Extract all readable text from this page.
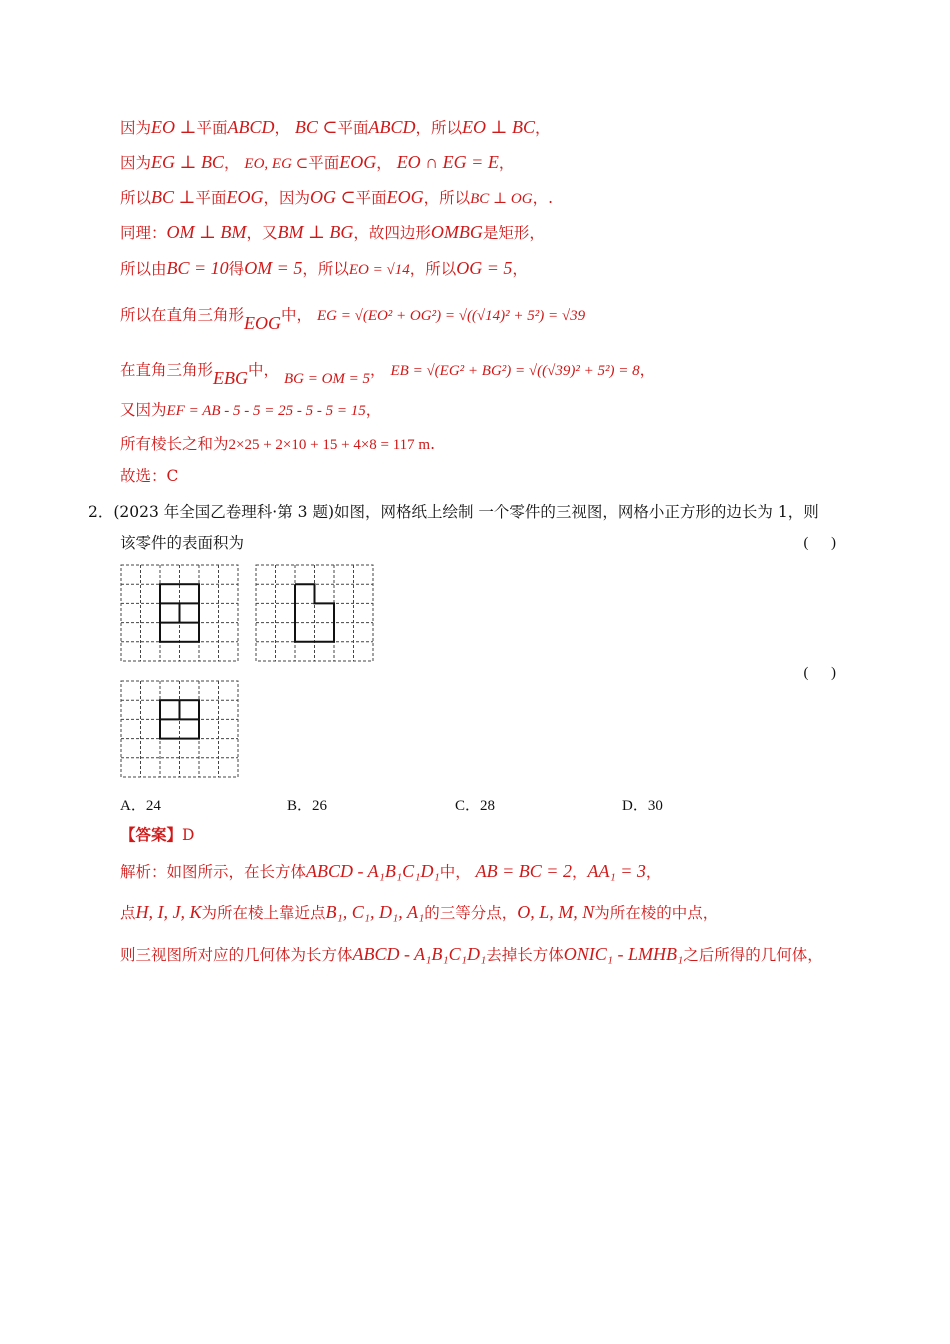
因为EO ⊥平面ABCD， BC ⊂平面ABCD，所以EO ⊥ BC，
因为EG ⊥ BC， EO, EG ⊂平面EOG， EO ∩ EG = E，
所以BC ⊥平面EOG，因为OG ⊂平面EOG，所以BC ⊥ OG，.
同理：OM ⊥ BM，又BM ⊥ BG，故四边形OMBG是矩形，
所以由BC = 10得OM = 5，所以EO = √14，所以OG = 5，
所以在直角三角形EOG中， EG = √(EO² + OG²) = √((√14)² + 5²) = √39
在直角三角形EBG中， BG = OM = 5， EB = √(EG² + BG²) = √((√39)² + 5²) = 8，
又因为EF = AB - 5 - 5 = 25 - 5 - 5 = 15，
所有棱长之和为2×25 + 2×10 + 15 + 4×8 = 117 m.
故选：C
2．(2023 年全国乙卷理科·第 3 题)如图，网格纸上绘制 一个零件的三视图，网格小正方形的边长为 1，则
该零件的表面积为	(      )
(      )
A．24	B．26	C．28	D．30
【答案】D
解析：如图所示，在长方体ABCD - A₁B₁C₁D₁中， AB = BC = 2，AA₁ = 3，
点H, I, J, K为所在棱上靠近点B₁, C₁, D₁, A₁的三等分点，O, L, M, N为所在棱的中点，
则三视图所对应的几何体为长方体ABCD - A₁B₁C₁D₁去掉长方体ONIC₁ - LMHB₁之后所得的几何体，
